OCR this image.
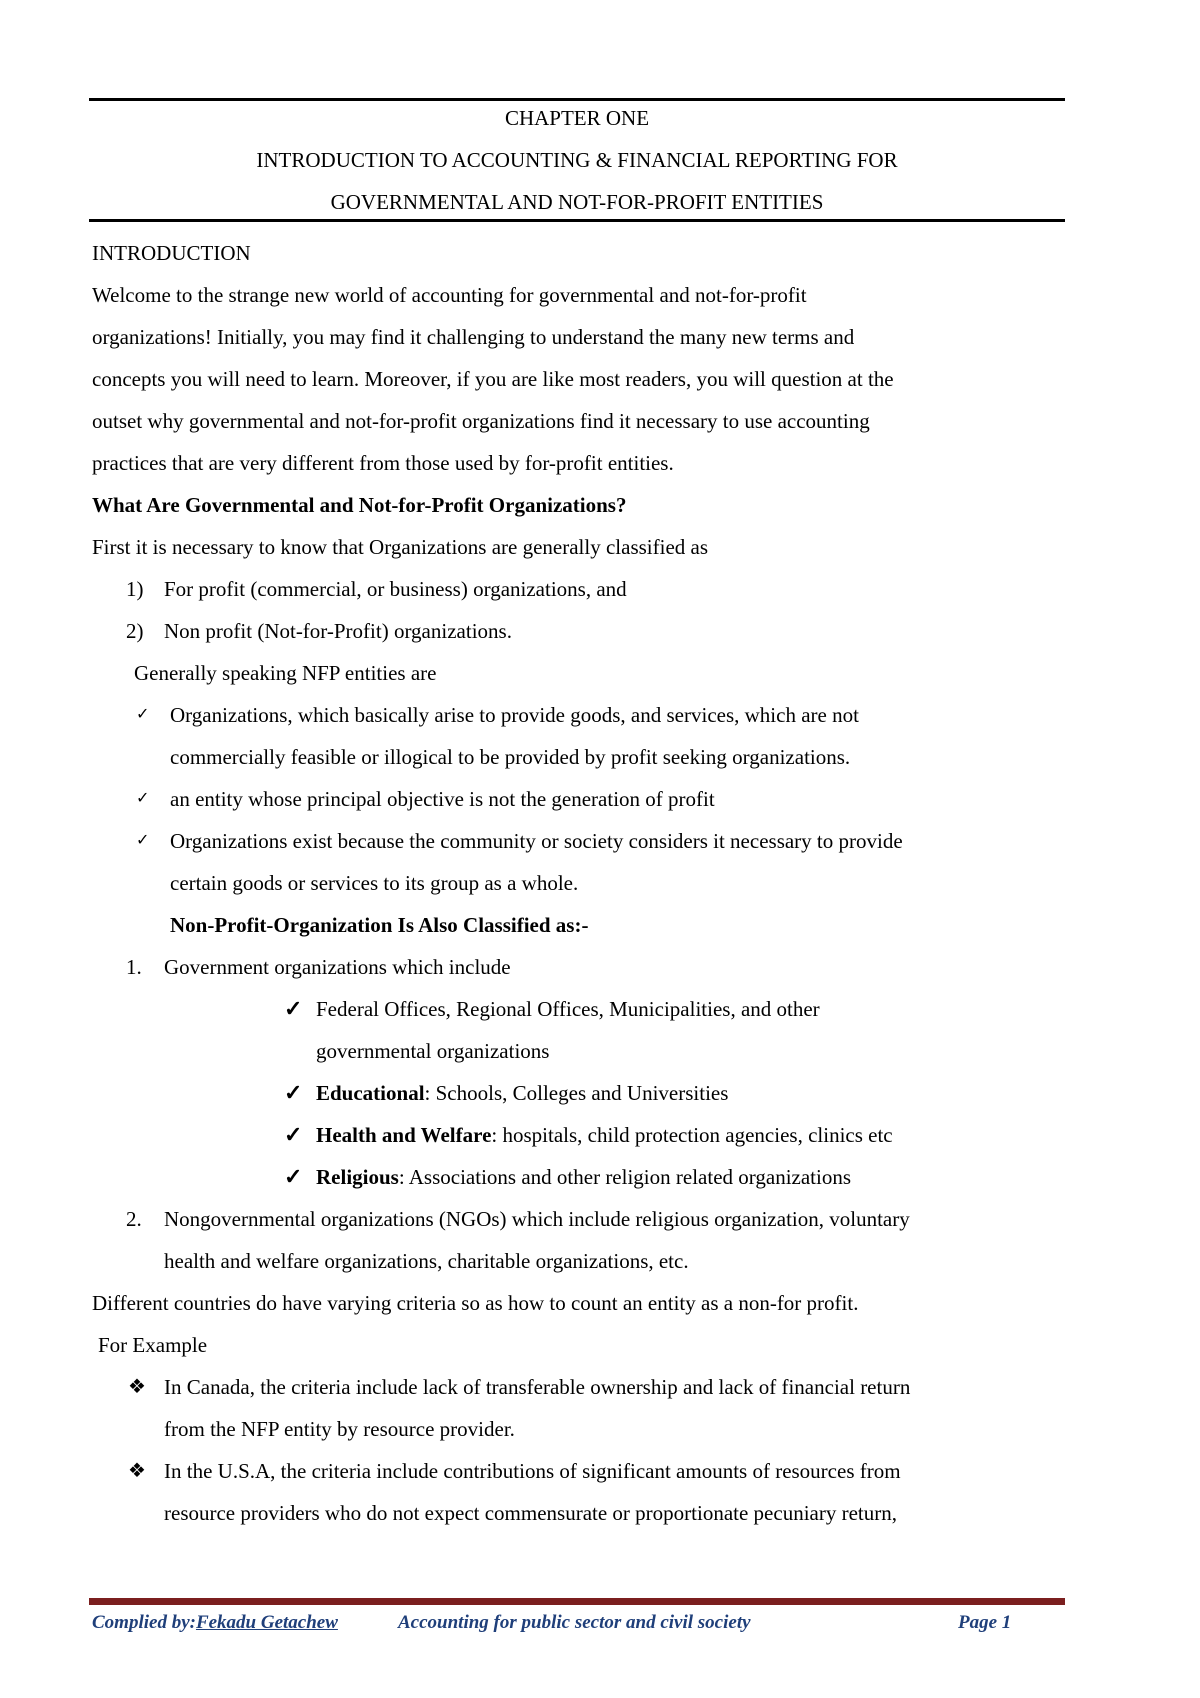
CHAPTER ONE
INTRODUCTION TO ACCOUNTING & FINANCIAL REPORTING FOR
GOVERNMENTAL AND NOT-FOR-PROFIT ENTITIES

INTRODUCTION

Welcome to the strange new world of accounting for governmental and not-for-profit

organizations! Initially, you may find it challenging to understand the many new terms and

concepts you will need to learn. Moreover, if you are like most readers, you will question at the

outset why governmental and not-for-profit organizations find it necessary to use accounting

practices that are very different from those used by for-profit entities.

What Are Governmental and Not-for-Profit Organizations?

First it is necessary to know that Organizations are generally classified as

1) For profit (commercial, or business) organizations, and

2) Non profit (Not-for-Profit) organizations.

Generally speaking NFP entities are

✓ Organizations, which basically arise to provide goods, and services, which are not

commercially feasible or illogical to be provided by profit seeking organizations.

✓ an entity whose principal objective is not the generation of profit

✓ Organizations exist because the community or society considers it necessary to provide

certain goods or services to its group as a whole.

Non-Profit-Organization Is Also Classified as:-

1. Government organizations which include

✓ Federal Offices, Regional Offices, Municipalities, and other

governmental organizations

✓ Educational: Schools, Colleges and Universities

✓ Health and Welfare: hospitals, child protection agencies, clinics etc

✓ Religious: Associations and other religion related organizations

2. Nongovernmental organizations (NGOs) which include religious organization, voluntary

health and welfare organizations, charitable organizations, etc.

Different countries do have varying criteria so as how to count an entity as a non-for profit.

For Example

❖ In Canada, the criteria include lack of transferable ownership and lack of financial return

from the NFP entity by resource provider.

❖ In the U.S.A, the criteria include contributions of significant amounts of resources from

resource providers who do not expect commensurate or proportionate pecuniary return,

Complied by:Fekadu Getachew	Accounting for public sector and civil society	Page 1
